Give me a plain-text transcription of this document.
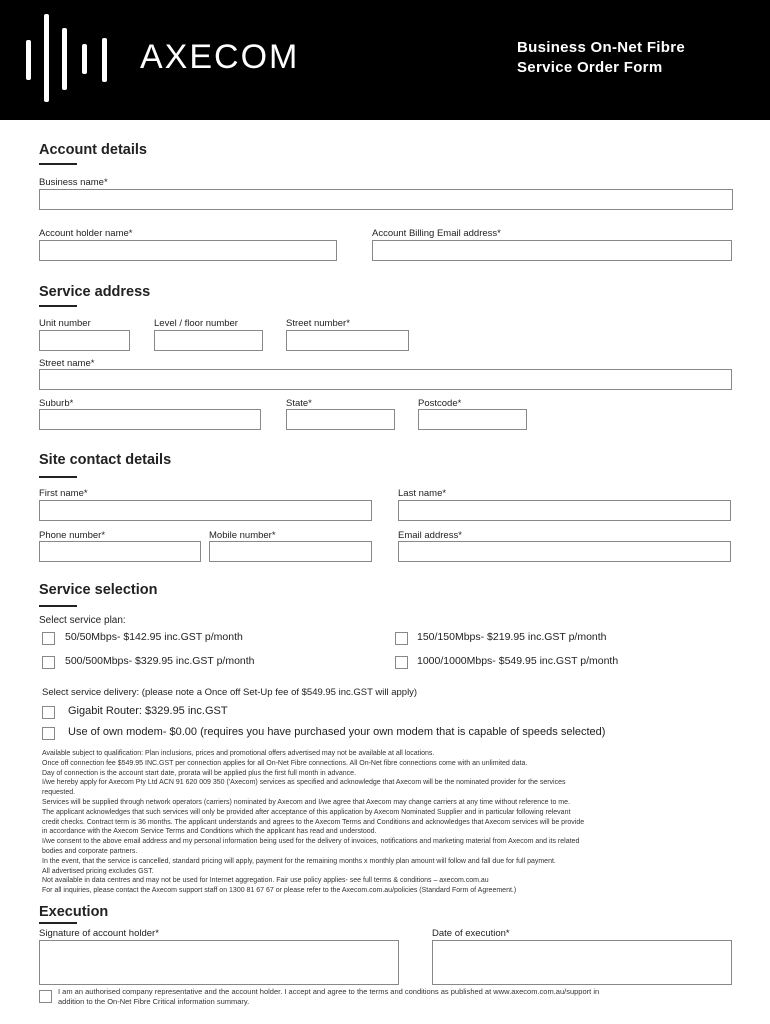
AXECOM	Business On-Net Fibre
Service Order Form
Account details
Business name*
Account holder name*	Account Billing Email address*
Service address
Unit number	Level / floor number	Street number*
Street name*
Suburb*	State*	Postcode*
Site contact details
First name*	Last name*
Phone number*	Mobile number*	Email address*
Service selection
Select service plan:
50/50Mbps- $142.95 inc.GST p/month	150/150Mbps- $219.95 inc.GST p/month
500/500Mbps- $329.95 inc.GST p/month	1000/1000Mbps- $549.95 inc.GST p/month
Select service delivery: (please note a Once off Set-Up fee of $549.95 inc.GST will apply)
Gigabit Router: $329.95 inc.GST
Use of own modem- $0.00 (requires you have purchased your own modem that is capable of speeds selected)
Available subject to qualification: Plan inclusions, prices and promotional offers advertised may not be available at all locations.
Once off connection fee $549.95 INC.GST per connection applies for all On-Net Fibre connections. All On-Net fibre connections come with an unlimited data.
Day of connection is the account start date, prorata will be applied plus the first full month in advance.
I/we hereby apply for Axecom Pty Ltd ACN 91 620 009 350 ('Axecom) services as specified and acknowledge that Axecom will be the nominated provider for the services
requested.
Services will be supplied through network operators (carriers) nominated by Axecom and I/we agree that Axecom may change carriers at any time without reference to me.
The applicant acknowledges that such services will only be provided after acceptance of this application by Axecom Nominated Supplier and in particular following relevant
credit checks. Contract term is 36 months. The applicant understands and agrees to the Axecom Terms and Conditions and acknowledges that Axecom services will be provide
in accordance with the Axecom Service Terms and Conditions which the applicant has read and understood.
I/we consent to the above email address and my personal information being used for the delivery of invoices, notifications and marketing material from Axecom and its related
bodies and corporate partners.
In the event, that the service is cancelled, standard pricing will apply, payment for the remaining months x monthly plan amount will follow and fall due for full payment.
All advertised pricing excludes GST.
Not available in data centres and may not be used for Internet aggregation. Fair use policy applies- see full terms & conditions – axecom.com.au
For all inquiries, please contact the Axecom support staff on 1300 81 67 67 or please refer to the Axecom.com.au/policies (Standard Form of Agreement.)
Execution
Signature of account holder*	Date of execution*
I am an authorised company representative and the account holder. I accept and agree to the terms and conditions as published at www.axecom.com.au/support in
addition to the On-Net Fibre Critical information summary.
